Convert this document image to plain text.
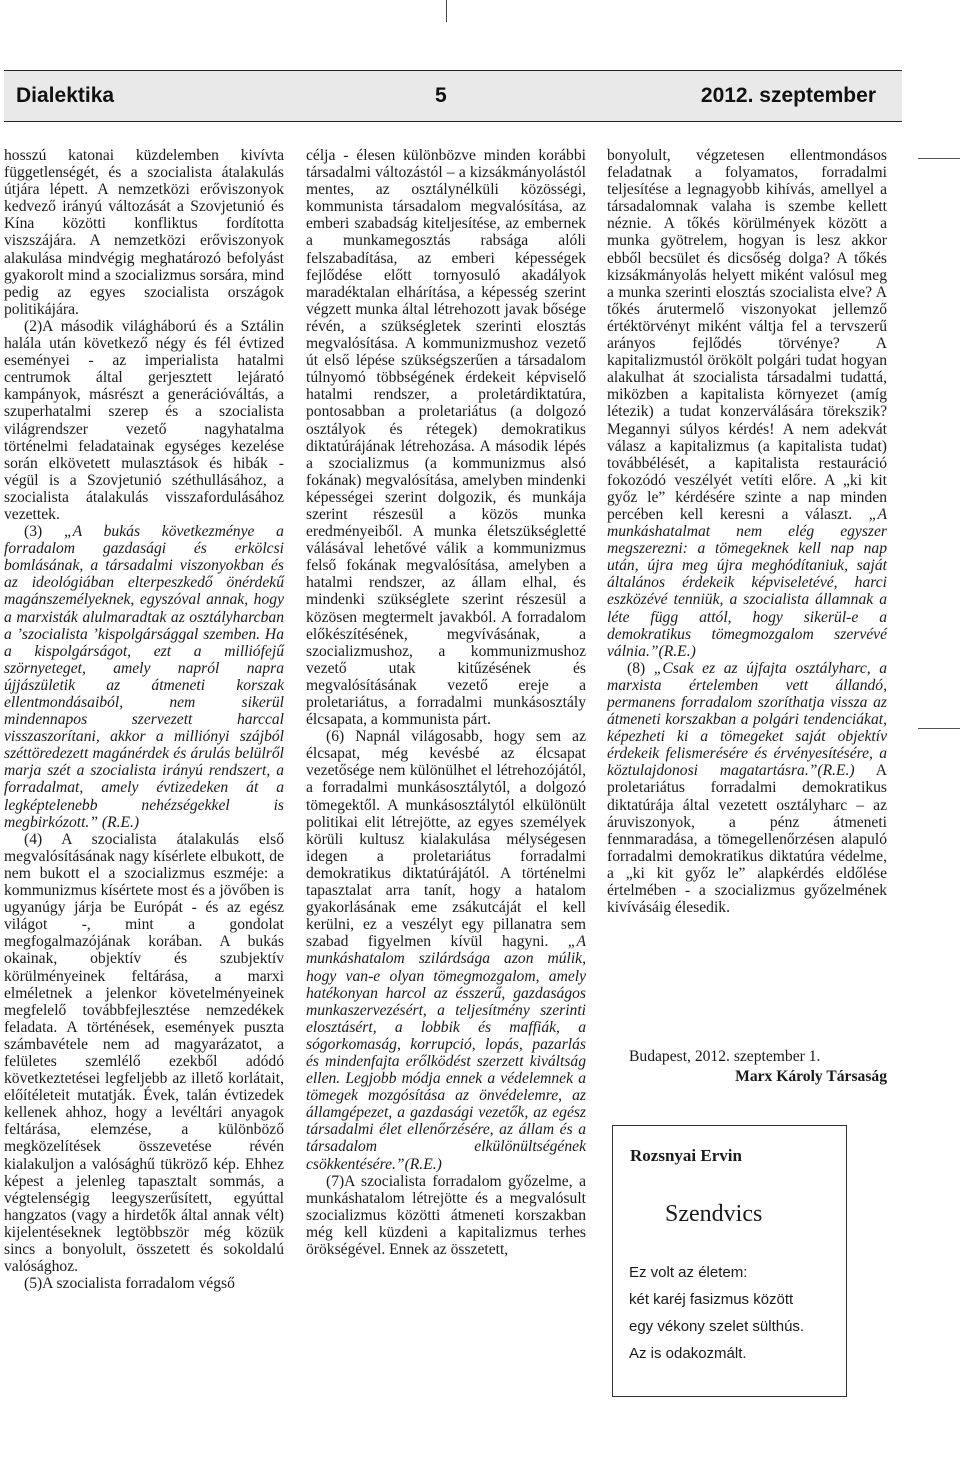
Dialektika	5	2012. szeptember

hosszú katonai küzdelemben kivívta függetlenségét, és a szocialista átalakulás útjára lépett. A nemzetközi erőviszonyok kedvező irányú változását a Szovjetunió és Kína közötti konfliktus fordította viszszájára. A nemzetközi erőviszonyok alakulása mindvégig meghatározó befolyást gyakorolt mind a szocializmus sorsára, mind pedig az egyes szocialista országok politikájára.

(2)A második világháború és a Sztálin halála után következő négy és fél évtized eseményei - az imperialista hatalmi centrumok által gerjesztett lejárató kampányok, másrészt a generációváltás, a szuperhatalmi szerep és a szocialista világrendszer vezető nagyhatalma történelmi feladatainak egységes kezelése során elkövetett mulasztások és hibák - végül is a Szovjetunió széthullásához, a szocialista átalakulás visszafordulásához vezettek.

(3) „A bukás következménye a forradalom gazdasági és erkölcsi bomlásának, a társadalmi viszonyokban és az ideológiában elterpeszkedő önérdekű magánszemélyeknek, egyszóval annak, hogy a marxisták alulmaradtak az osztályharcban a ʼszocialista ʼkispolgársággal szemben. Ha a kispolgárságot, ezt a milliófejű szörnyeteget, amely napról napra újjászületik az átmeneti korszak ellentmondásaiból, nem sikerül mindennapos szervezett harccal visszaszorítani, akkor a milliónyi szájból széttöredezett magánérdek és árulás belülről marja szét a szocialista irányú rendszert, a forradalmat, amely évtizedeken át a legképtelenebb nehézségekkel is megbirkózott.” (R.E.)

(4) A szocialista átalakulás első megvalósításának nagy kísérlete elbukott, de nem bukott el a szocializmus eszméje: a kommunizmus kísértete most és a jövőben is ugyanúgy járja be Európát - és az egész világot -, mint a gondolat megfogalmazójának korában. A bukás okainak, objektív és szubjektív körülményeinek feltárása, a marxi elméletnek a jelenkor követelményeinek megfelelő továbbfejlesztése nemzedékek feladata. A történések, események puszta számbavétele nem ad magyarázatot, a felületes szemlélő ezekből adódó következtetései legfeljebb az illető korlátait, előítéleteit mutatják. Évek, talán évtizedek kellenek ahhoz, hogy a levéltári anyagok feltárása, elemzése, a különböző megközelítések összevetése révén kialakuljon a valósághű tükröző kép. Ehhez képest a jelenleg tapasztalt sommás, a végtelenségig leegyszerűsített, egyúttal hangzatos (vagy a hirdetők által annak vélt) kijelentéseknek legtöbbször még közük sincs a bonyolult, összetett és sokoldalú valósághoz.

(5)A szocialista forradalom végső

célja - élesen különbözve minden korábbi társadalmi változástól – a kizsákmányolástól mentes, az osztálynélküli közösségi, kommunista társadalom megvalósítása, az emberi szabadság kiteljesítése, az embernek a munkamegosztás rabsága alóli felszabadítása, az emberi képességek fejlődése előtt tornyosuló akadályok maradéktalan elhárítása, a képesség szerint végzett munka által létrehozott javak bősége révén, a szükségletek szerinti elosztás megvalósítása. A kommunizmushoz vezető út első lépése szükségszerűen a társadalom túlnyomó többségének érdekeit képviselő hatalmi rendszer, a proletárdiktatúra, pontosabban a proletariátus (a dolgozó osztályok és rétegek) demokratikus diktatúrájának létrehozása. A második lépés a szocializmus (a kommunizmus alsó fokának) megvalósítása, amelyben mindenki képességei szerint dolgozik, és munkája szerint részesül a közös munka eredményeiből. A munka életszükségletté válásával lehetővé válik a kommunizmus felső fokának megvalósítása, amelyben a hatalmi rendszer, az állam elhal, és mindenki szükséglete szerint részesül a közösen megtermelt javakból. A forradalom előkészítésének, megvívásának, a szocializmushoz, a kommunizmushoz vezető utak kitűzésének és megvalósításának vezető ereje a proletariátus, a forradalmi munkásosztály élcsapata, a kommunista párt.

(6) Napnál világosabb, hogy sem az élcsapat, még kevésbé az élcsapat vezetősége nem különülhet el létrehozójától, a forradalmi munkásosztálytól, a dolgozó tömegektől. A munkásosztálytól elkülönült politikai elit létrejötte, az egyes személyek körüli kultusz kialakulása mélységesen idegen a proletariátus forradalmi demokratikus diktatúrájától. A történelmi tapasztalat arra tanít, hogy a hatalom gyakorlásának eme zsákutcáját el kell kerülni, ez a veszélyt egy pillanatra sem szabad figyelmen kívül hagyni. „A munkáshatalom szilárdsága azon múlik, hogy van-e olyan tömegmozgalom, amely hatékonyan harcol az ésszerű, gazdaságos munkaszervezésért, a teljesítmény szerinti elosztásért, a lobbik és maffiák, a sógorkomaság, korrupció, lopás, pazarlás és mindenfajta erőlködést szerzett kiváltság ellen. Legjobb módja ennek a védelemnek a tömegek mozgósítása az önvédelemre, az államgépezet, a gazdasági vezetők, az egész társadalmi élet ellenőrzésére, az állam és a társadalom elkülönültségének csökkentésére.”(R.E.)

(7)A szocialista forradalom győzelme, a munkáshatalom létrejötte és a megvalósult szocializmus közötti átmeneti korszakban még kell küzdeni a kapitalizmus terhes örökségével. Ennek az összetett,

bonyolult, végzetesen ellentmondásos feladatnak a folyamatos, forradalmi teljesítése a legnagyobb kihívás, amellyel a társadalomnak valaha is szembe kellett néznie. A tőkés körülmények között a munka gyötrelem, hogyan is lesz akkor ebből becsület és dicsőség dolga? A tőkés kizsákmányolás helyett miként valósul meg a munka szerinti elosztás szocialista elve? A tőkés árutermelő viszonyokat jellemző értéktörvényt miként váltja fel a tervszerű arányos fejlődés törvénye? A kapitalizmustól örökölt polgári tudat hogyan alakulhat át szocialista társadalmi tudattá, miközben a kapitalista környezet (amíg létezik) a tudat konzerválására törekszik? Megannyi súlyos kérdés! A nem adekvát válasz a kapitalizmus (a kapitalista tudat) továbbélését, a kapitalista restauráció fokozódó veszélyét vetíti előre. A „ki kit győz le” kérdésére szinte a nap minden percében kell keresni a választ. „A munkáshatalmat nem elég egyszer megszerezni: a tömegeknek kell nap nap után, újra meg újra meghódítaniuk, saját általános érdekeik képviseletévé, harci eszközévé tenniük, a szocialista államnak a léte függ attól, hogy sikerül-e a demokratikus tömegmozgalom szervévé válnia.”(R.E.)

(8) „Csak ez az újfajta osztályharc, a marxista értelemben vett állandó, permanens forradalom szoríthatja vissza az átmeneti korszakban a polgári tendenciákat, képezheti ki a tömegeket saját objektív érdekeik felismerésére és érvényesítésére, a köztulajdonosi magatartásra.”(R.E.) A proletariátus forradalmi demokratikus diktatúrája által vezetett osztályharc – az áruviszonyok, a pénz átmeneti fennmaradása, a tömegellenőrzésen alapuló forradalmi demokratikus diktatúra védelme, a „ki kit győz le” alapkérdés eldőlése értelmében - a szocializmus győzelmének kivívásáig élesedik.

Budapest, 2012. szeptember 1.
Marx Károly Társaság
Rozsnyai Ervin
Szendvics
Ez volt az életem:
két karéj fasizmus között
egy vékony szelet sülthús.
Az is odakozmált.
